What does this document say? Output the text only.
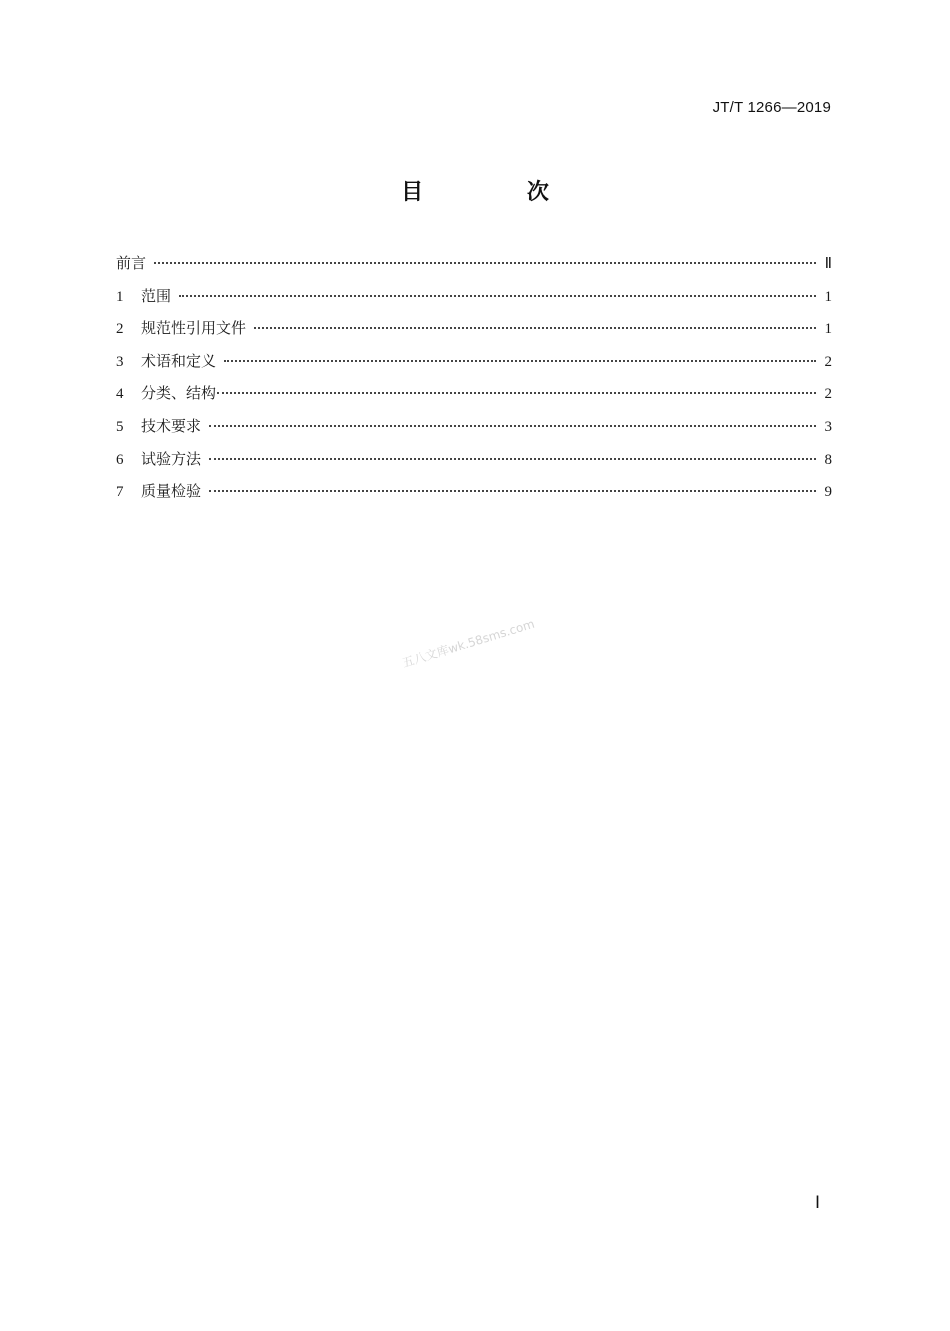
JT/T 1266—2019
目 次
前言	Ⅱ
1	范围	1
2	规范性引用文件	1
3	术语和定义	2
4	分类、结构	2
5	技术要求	3
6	试验方法	8
7	质量检验	9
五八文库wk.58sms.com
Ⅰ
